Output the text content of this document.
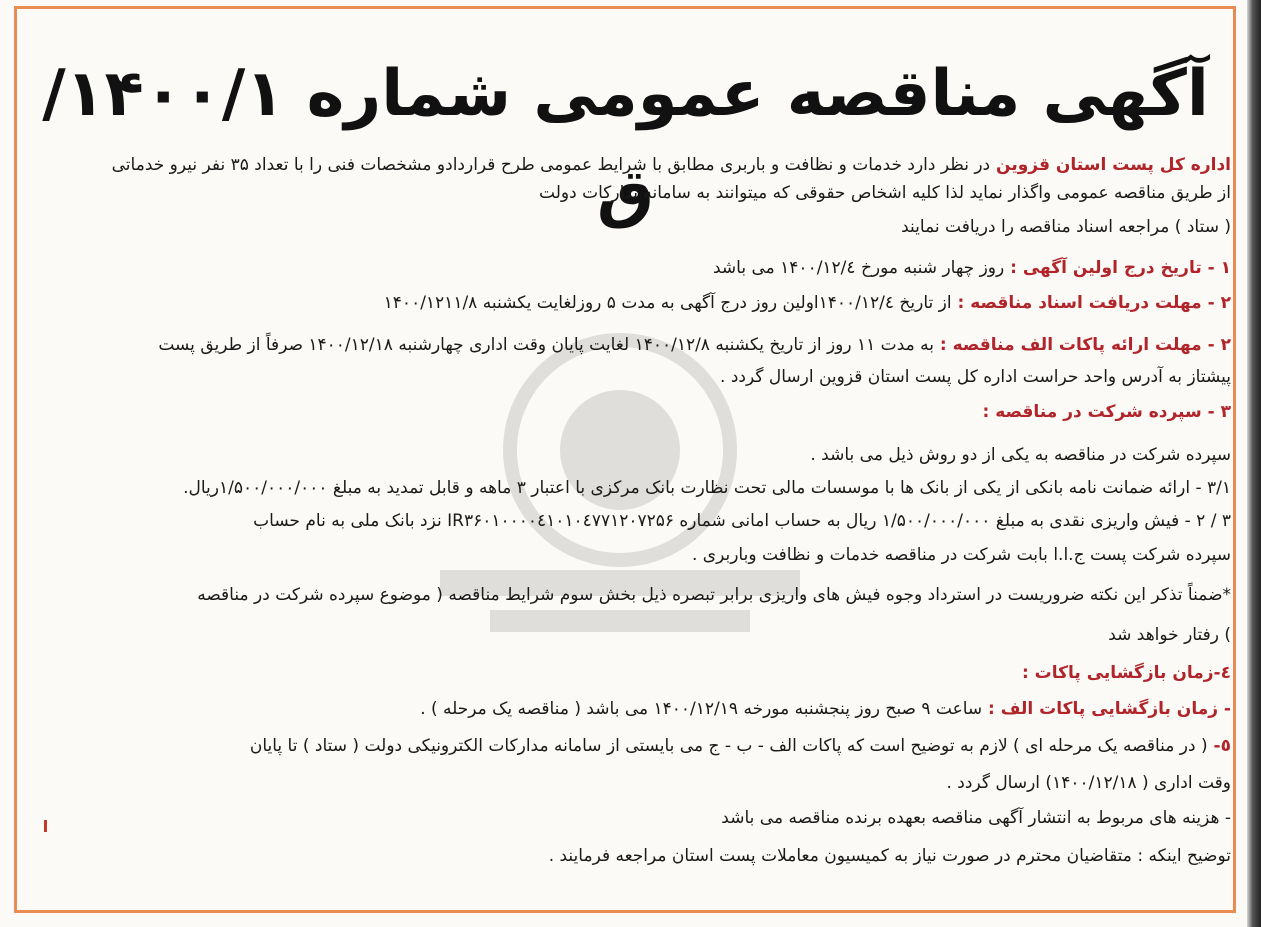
آگهی مناقصه عمومی شماره ۱۴۰۰/۱/ق	اداره کل پست استان قزوین در نظر دارد خدمات و نظافت و باربری مطابق با شرایط عمومی طرح قراردادو مشخصات فنی را با تعداد ۳۵ نفر نیرو خدماتی
از طریق مناقصه عمومی واگذار نماید لذا کلیه اشخاص حقوقی که میتوانند به سامانه تدارکات دولت
( ستاد ) مراجعه اسناد مناقصه را دریافت نمایند
۱ - تاریخ درج اولین آگهی : روز چهار شنبه مورخ ۱۴۰۰/۱۲/٤ می باشد
۲ - مهلت دریافت اسناد مناقصه : از تاریخ ۱۴۰۰/۱۲/٤اولین روز درج آگهی به مدت ۵ روزلغایت یکشنبه ۱۴۰۰/۱۲۱۱/۸
۲ - مهلت ارائه پاکات الف مناقصه : به مدت ۱۱ روز از تاریخ یکشنبه ۱۴۰۰/۱۲/۸ لغایت پایان وقت اداری چهارشنبه ۱۴۰۰/۱۲/۱۸ صرفاً از طریق پست
پیشتاز به آدرس واحد حراست اداره کل پست استان قزوین ارسال گردد .
۳ - سپرده شرکت در مناقصه :
سپرده شرکت در مناقصه به یکی از دو روش ذیل می باشد .
۳/۱ - ارائه ضمانت نامه بانکی از یکی از بانک ها با موسسات مالی تحت نظارت بانک مرکزی با اعتبار ۳ ماهه و قابل تمدید به مبلغ ۱/۵۰۰/۰۰۰/۰۰۰ریال.
۳ / ۲ - فیش واریزی نقدی به مبلغ ۱/۵۰۰/۰۰۰/۰۰۰ ریال به حساب امانی شماره IR۳۶۰۱۰۰۰۰٤۱۰۱۰٤۷۷۱۲۰۷۲۵۶ نزد بانک ملی به نام حساب
سپرده شرکت پست ج.ا.ا بابت شرکت در مناقصه خدمات و نظافت وباربری .
*ضمناً تذکر این نکته ضروریست در استرداد وجوه فیش های واریزی برابر تبصره ذیل بخش سوم شرایط مناقصه ( موضوع سپرده شرکت در مناقصه
) رفتار خواهد شد
٤-زمان بازگشایی پاکات :
- زمان بازگشایی پاکات الف : ساعت ۹ صبح روز پنجشنبه مورخه ۱۴۰۰/۱۲/۱۹ می باشد ( مناقصه یک مرحله ) .
٥- ( در مناقصه یک مرحله ای ) لازم به توضیح است که پاکات الف - ب - ج می بایستی از سامانه مدارکات الکترونیکی دولت ( ستاد ) تا پایان
وقت اداری ( ۱۴۰۰/۱۲/۱۸) ارسال گردد .
- هزینه های مربوط به انتشار آگهی مناقصه بعهده برنده مناقصه می باشد
توضیح اینکه : متقاضیان محترم در صورت نیاز به کمیسیون معاملات پست استان مراجعه فرمایند .
